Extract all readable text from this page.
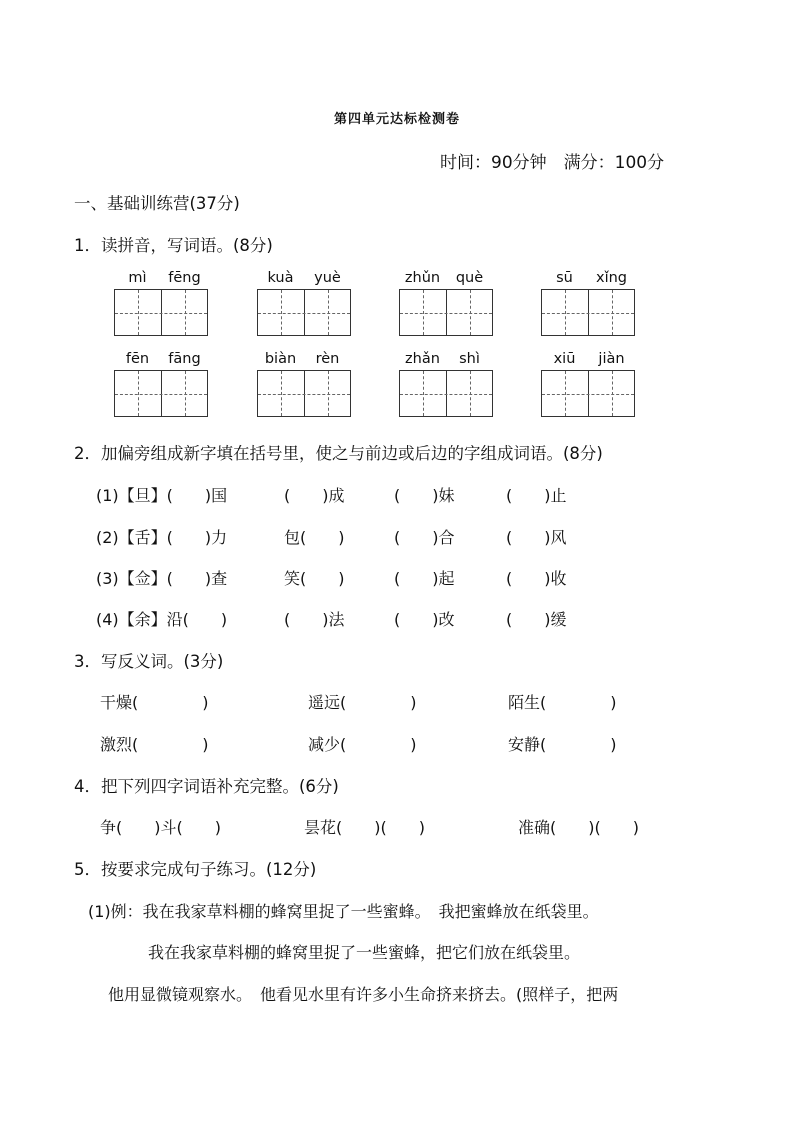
第四单元达标检测卷
时间：90分钟　满分：100分
一、基础训练营(37分)
1．读拼音，写词语。(8分)
mì	fēng	kuà	yuè	zhǔn	què	sū	xǐng
fēn	fāng	biàn	rèn	zhǎn	shì	xiū	jiàn
2．加偏旁组成新字填在括号里，使之与前边或后边的字组成词语。(8分)
(1)【旦】(　　)国	(　　)成	(　　)妹	(　　)止
(2)【舌】(　　)力	包(　　)	(　　)合	(　　)风
(3)【佥】(　　)查	笑(　　)	(　　)起	(　　)收
(4)【余】沿(　　)	(　　)法	(　　)改	(　　)缓
3．写反义词。(3分)
干燥(　　　　)	遥远(　　　　)	陌生(　　　　)
激烈(　　　　)	减少(　　　　)	安静(　　　　)
4．把下列四字词语补充完整。(6分)
争(　　)斗(　　)	昙花(　　)(　　)	准确(　　)(　　)
5．按要求完成句子练习。(12分)
(1)例：我在我家草料棚的蜂窝里捉了一些蜜蜂。　我把蜜蜂放在纸袋里。
我在我家草料棚的蜂窝里捉了一些蜜蜂，把它们放在纸袋里。
他用显微镜观察水。　他看见水里有许多小生命挤来挤去。(照样子，把两
